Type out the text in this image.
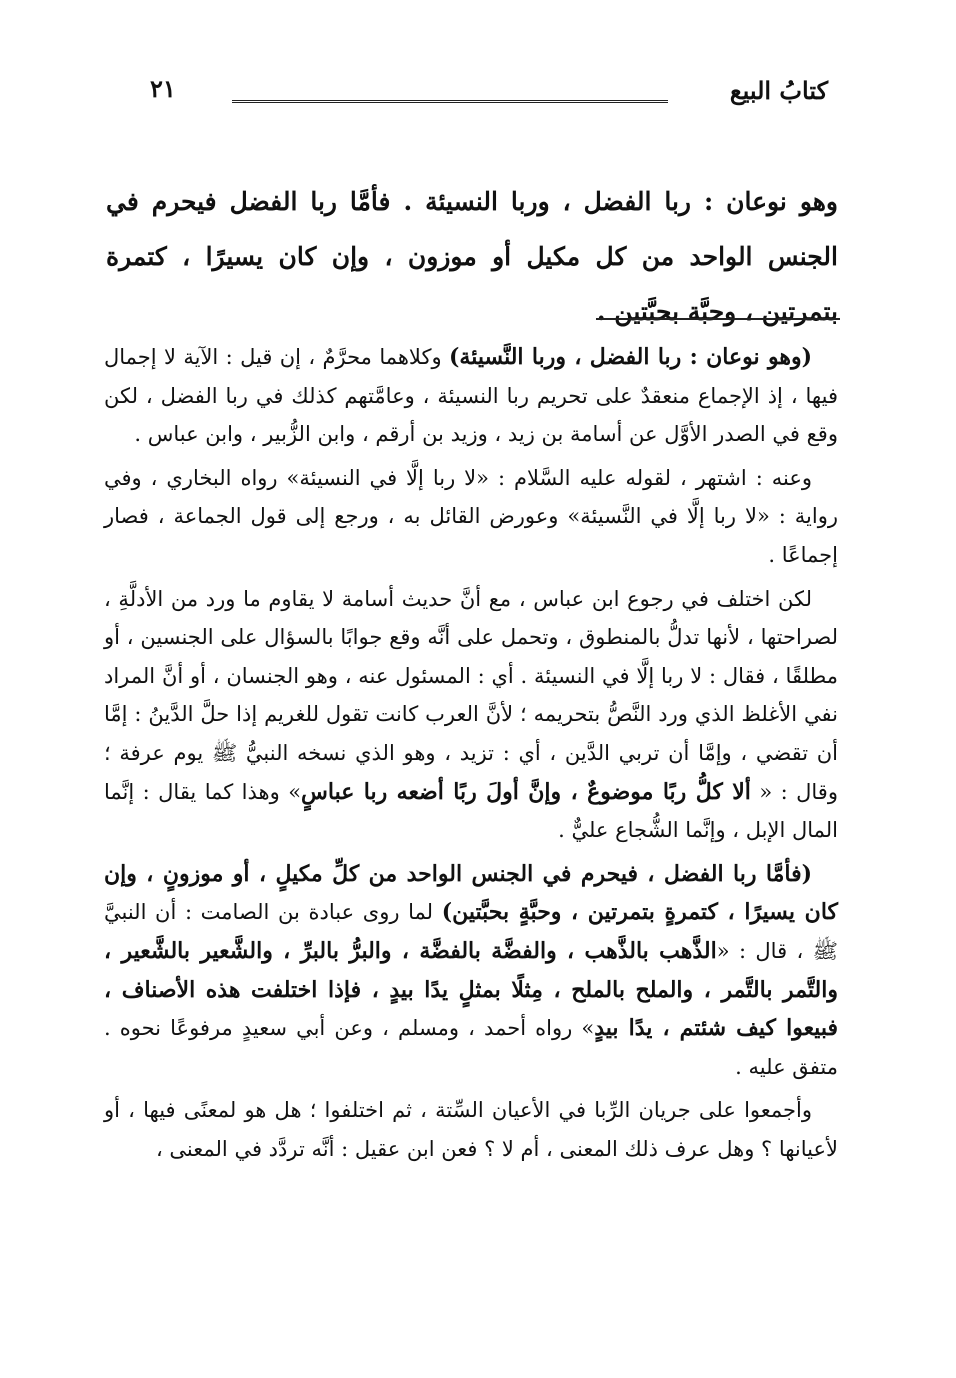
كتابُ البيع
٢١
وهو نوعان : ربا الفضل ، وربا النسيئة . فأمَّا ربا الفضل فيحرم في الجنس الواحد من كل مكيل أو موزون ، وإن كان يسيرًا ، كتمرة بتمرتين ، وحبَّة بحبَّتين .

(وهو نوعان : ربا الفضل ، وربا النَّسيئة) وكلاهما محرَّمٌ ، إن قيل : الآية لا إجمال فيها ، إذ الإجماع منعقدٌ على تحريم ربا النسيئة ، وعامَّتهم كذلك في ربا الفضل ، لكن وقع في الصدر الأوَّل عن أسامة بن زيد ، وزيد بن أرقم ، وابن الزُّبير ، وابن عباس .

وعنه : اشتهر ، لقوله عليه السَّلام : «لا ربا إلَّا في النسيئة» رواه البخاري ، وفي رواية : «لا ربا إلَّا في النَّسيئة» وعورض القائل به ، ورجع إلى قول الجماعة ، فصار إجماعًا .

لكن اختلف في رجوع ابن عباس ، مع أنَّ حديث أسامة لا يقاوم ما ورد من الأدلَّةِ ، لصراحتها ، لأنها تدلُّ بالمنطوق ، وتحمل على أنَّه وقع جوابًا بالسؤال على الجنسين ، أو مطلقًا ، فقال : لا ربا إلَّا في النسيئة . أي : المسئول عنه ، وهو الجنسان ، أو أنَّ المراد نفي الأغلظ الذي ورد النَّصُّ بتحريمه ؛ لأنَّ العرب كانت تقول للغريم إذا حلَّ الدَّينُ : إمَّا أن تقضي ، وإمَّا أن تربي الدَّين ، أي : تزيد ، وهو الذي نسخه النبيُّ ﷺ يوم عرفة ؛ وقال : « ألا كلُّ ربًا موضوعٌ ، وإنَّ أولَ ربًا أضعه ربا عباسٍ» وهذا كما يقال : إنَّما المال الإبل ، وإنَّما الشُّجاع عليٌّ .

(فأمَّا ربا الفضل ، فيحرم في الجنس الواحد من كلِّ مكيلٍ ، أو موزونٍ ، وإن كان يسيرًا ، كتمرةٍ بتمرتين ، وحبَّةٍ بحبَّتين) لما روى عبادة بن الصامت : أن النبيَّ ﷺ ، قال : «الذَّهب بالذَّهب ، والفضَّة بالفضَّة ، والبرُّ بالبرِّ ، والشَّعير بالشَّعير ، والتَّمر بالتَّمر ، والملح بالملح ، مِثلًا بمثلٍ يدًا بيدٍ ، فإذا اختلفت هذه الأصناف ، فبيعوا كيف شئتم ، يدًا بيدٍ» رواه أحمد ، ومسلم ، وعن أبي سعيدٍ مرفوعًا نحوه . متفق عليه .

وأجمعوا على جريان الرِّبا في الأعيان السِّتة ، ثم اختلفوا ؛ هل هو لمعنًى فيها ، أو لأعيانها ؟ وهل عرف ذلك المعنى ، أم لا ؟ فعن ابن عقيل : أنَّه تردَّد في المعنى ،
